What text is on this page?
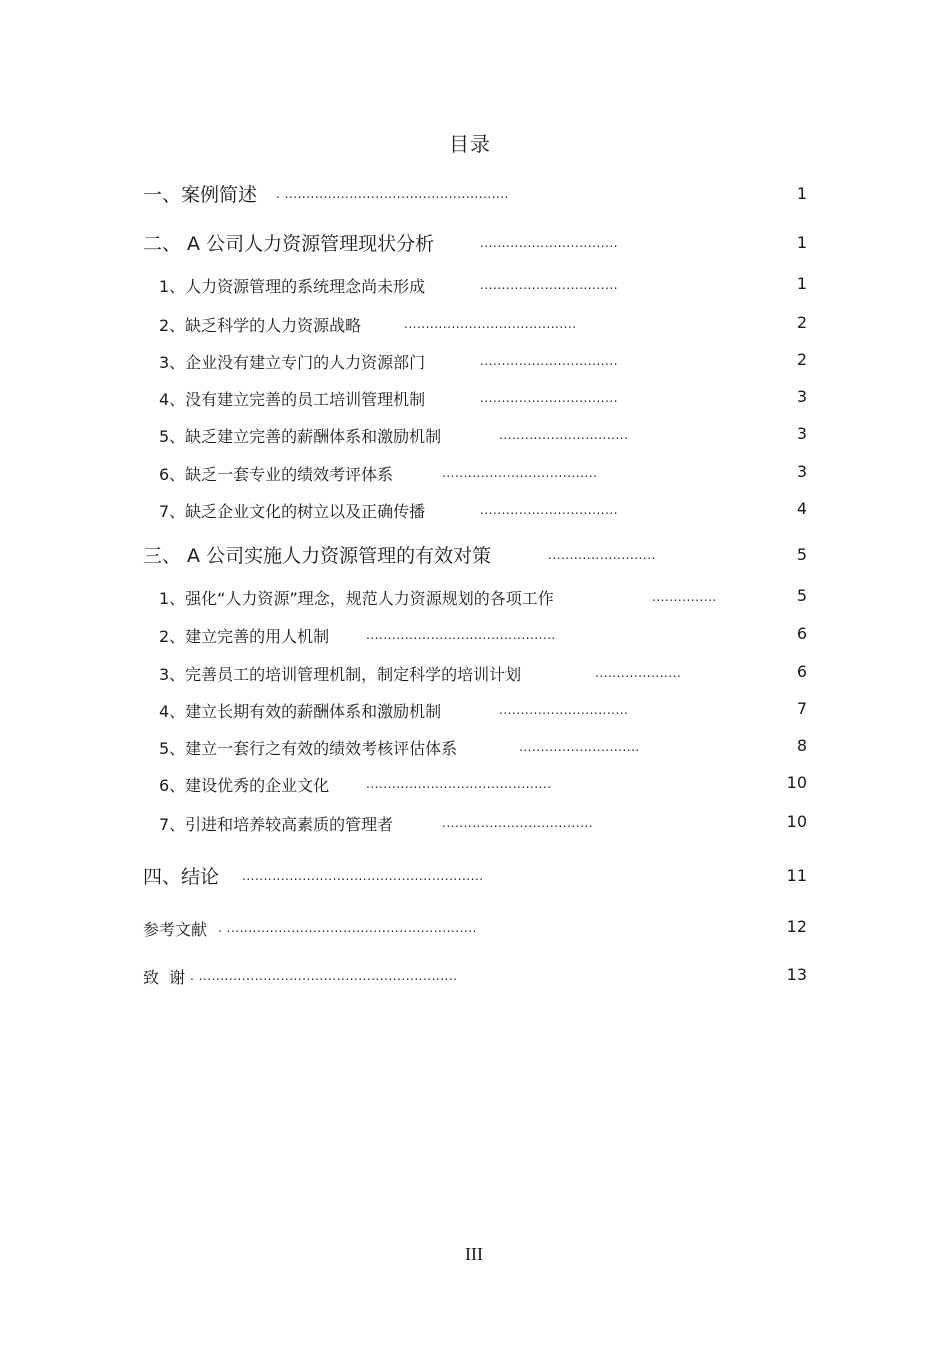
目录
一、案例简述 . ....................................................	1
二、 A 公司人力资源管理现状分析	................................	1
1、人力资源管理的系统理念尚未形成	................................	1
2、缺乏科学的人力资源战略	........................................	2
3、企业没有建立专门的人力资源部门	................................	2
4、没有建立完善的员工培训管理机制	................................	3
5、缺乏建立完善的薪酬体系和激励机制	..............................	3
6、缺乏一套专业的绩效考评体系	....................................	3
7、缺乏企业文化的树立以及正确传播	................................	4
三、 A 公司实施人力资源管理的有效对策	.........................	5
1、强化“人力资源”理念，规范人力资源规划的各项工作	...............	5
2、建立完善的用人机制	............................................	6
3、完善员工的培训管理机制，制定科学的培训计划	....................	6
4、建立长期有效的薪酬体系和激励机制	..............................	7
5、建立一套行之有效的绩效考核评估体系	............................	8
6、建设优秀的企业文化	...........................................	10
7、引进和培养较高素质的管理者	...................................	10
四、结论 ........................................................	11
参考文献 . ..........................................................	12
致  谢 . ............................................................	13
III
